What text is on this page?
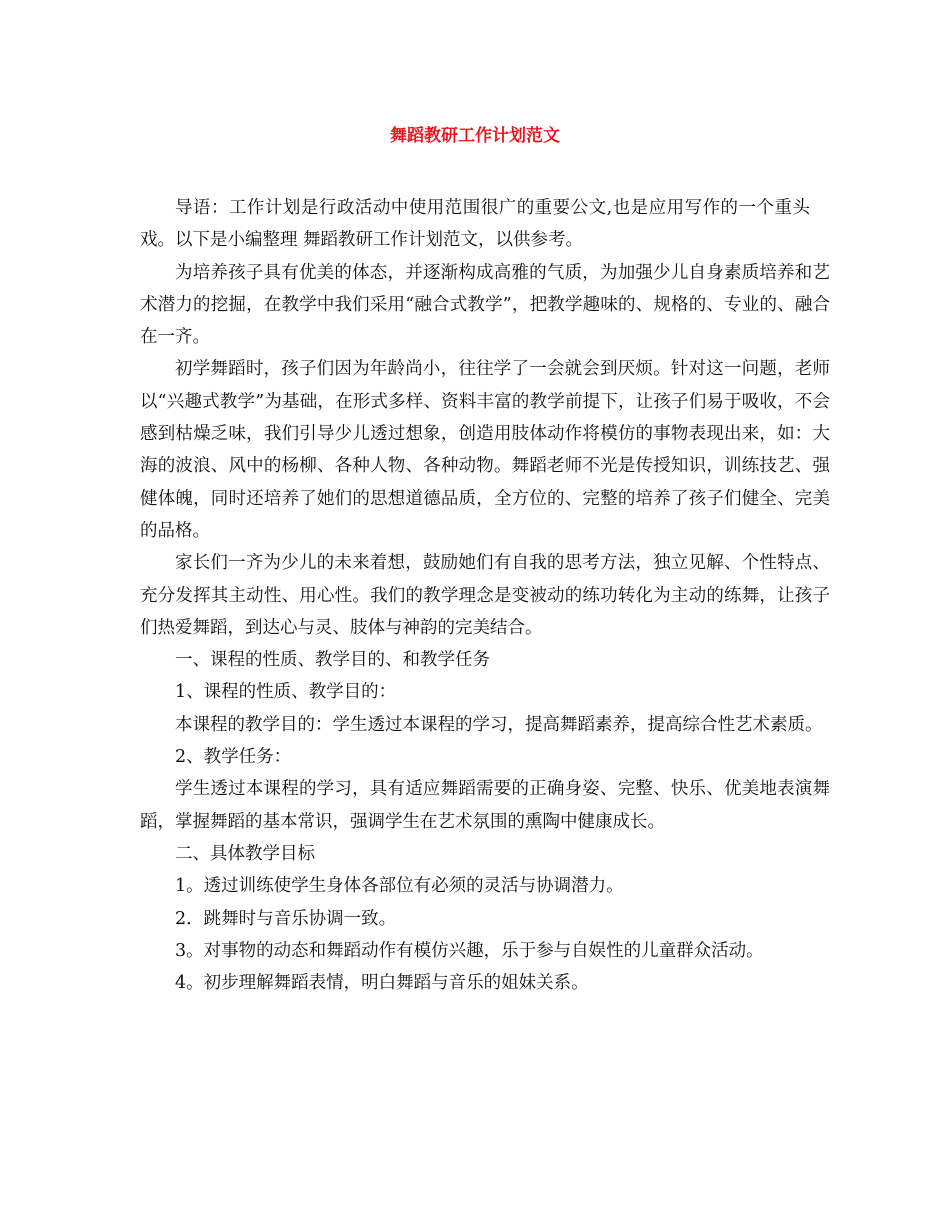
舞蹈教研工作计划范文

导语：工作计划是行政活动中使用范围很广的重要公文,也是应用写作的一个重头戏。以下是小编整理 舞蹈教研工作计划范文，以供参考。

为培养孩子具有优美的体态，并逐渐构成高雅的气质，为加强少儿自身素质培养和艺术潜力的挖掘，在教学中我们采用“融合式教学”，把教学趣味的、规格的、专业的、融合在一齐。

初学舞蹈时，孩子们因为年龄尚小，往往学了一会就会到厌烦。针对这一问题，老师以“兴趣式教学”为基础，在形式多样、资料丰富的教学前提下，让孩子们易于吸收，不会感到枯燥乏味，我们引导少儿透过想象，创造用肢体动作将模仿的事物表现出来，如：大海的波浪、风中的杨柳、各种人物、各种动物。舞蹈老师不光是传授知识，训练技艺、强健体魄，同时还培养了她们的思想道德品质，全方位的、完整的培养了孩子们健全、完美的品格。

家长们一齐为少儿的未来着想，鼓励她们有自我的思考方法，独立见解、个性特点、充分发挥其主动性、用心性。我们的教学理念是变被动的练功转化为主动的练舞，让孩子们热爱舞蹈，到达心与灵、肢体与神韵的完美结合。

一、课程的性质、教学目的、和教学任务

1、课程的性质、教学目的：

本课程的教学目的：学生透过本课程的学习，提高舞蹈素养，提高综合性艺术素质。

2、教学任务：

学生透过本课程的学习，具有适应舞蹈需要的正确身姿、完整、快乐、优美地表演舞蹈，掌握舞蹈的基本常识，强调学生在艺术氛围的熏陶中健康成长。

二、具体教学目标

1。透过训练使学生身体各部位有必须的灵活与协调潜力。

2．跳舞时与音乐协调一致。

3。对事物的动态和舞蹈动作有模仿兴趣，乐于参与自娱性的儿童群众活动。

4。初步理解舞蹈表情，明白舞蹈与音乐的姐妹关系。
